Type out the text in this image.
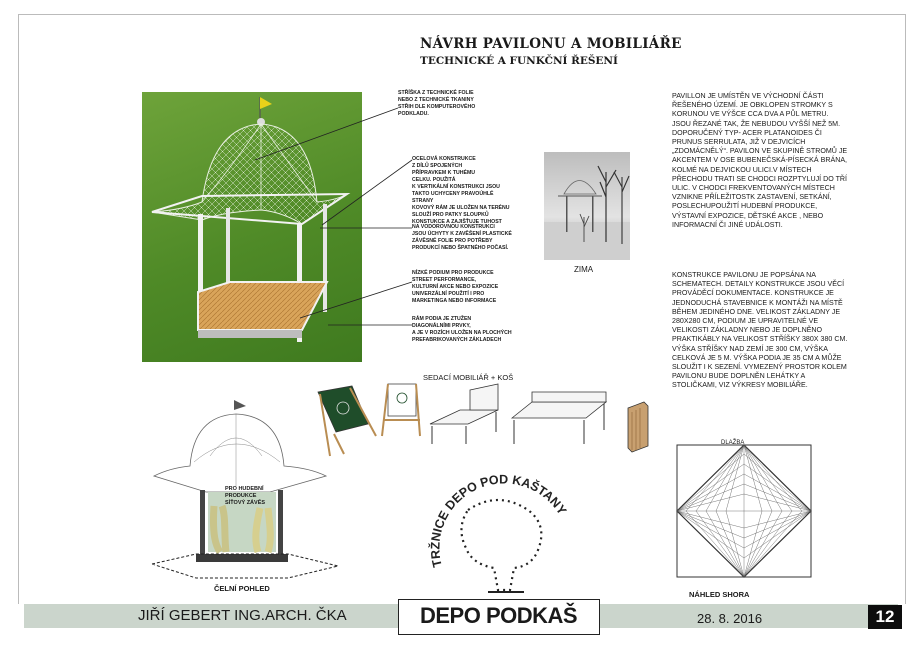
NÁVRH PAVILONU A MOBILIÁŘE
TECHNICKÉ A FUNKČNÍ ŘEŠENÍ
STŘÍŠKA Z TECHNICKÉ FOLIE
NEBO Z TECHNICKÉ TKANINY
STŘIH DLE KOMPUTEROVÉHO
PODKLADU.
OCELOVÁ KONSTRUKCE
Z DÍLŮ SPOJENÝCH
PŘÍPRAVKEM K TUHÉMU
CELKU. POUŽITÁ
K VERTIKÁLNÍ KONSTRUKCI JSOU
TAKTO UCHYCENY PRAVOÚHLÉ
STRANY
KOVOVÝ RÁM JE ULOŽEN NA TERÉNU
SLOUŽÍ PRO PATKY SLOUPKŮ
KONSTUKCE A ZAJIŠŤUJE TUHOST
NA VODOROVNOU KONSTRUKCI
JSOU ÚCHYTY K ZAVĚŠENÍ PLASTICKÉ
ZÁVĚSNÉ FOLIE PRO POTŘEBY
PRODUKCÍ NEBO ŠPATNÉHO POČASÍ.
NÍZKÉ PODIUM PRO PRODUKCE
STREET PERFORMANCE,
KULTURNÍ AKCE NEBO EXPOZICE
UNIVERZÁLNÍ POUŽITÍ I PRO
MARKETINGA NEBO INFORMACE
RÁM PODIA JE ZTUŽEN
DIAGONÁLNÍMI PRVKY,
A JE V ROZÍCH ULOŽEN NA PLOCHÝCH
PREFABRIKOVANÝCH ZÁKLADECH
ZIMA
PAVILLON JE UMÍSTĚN VE VÝCHODNÍ ČÁSTI ŘEŠENÉHO ÚZEMÍ. JE OBKLOPEN STROMKY S KORUNOU VE VÝŠCE CCA DVA A PŮL METRU. JSOU ŘEZANÉ TAK, ŽE NEBUDOU VYŠŠÍ NEŽ 5M. DOPORUČENÝ TYP- ACER PLATANOIDES ČI PRUNUS SERRULATA, JIŽ V DEJVICÍCH „ZDOMÁCNĚLÝ“. PAVILON VE SKUPINĚ STROMŮ JE AKCENTEM V OSE BUBENEČSKÁ-PÍSECKÁ BRÁNA, KOLMÉ NA DEJVICKOU ULICI.V MÍSTECH PŘECHODU TRATI SE CHODCI ROZPTYLUJÍ DO TŘÍ ULIC. V CHODCI FREKVENTOVANÝCH MÍSTECH VZNIKNE PŘÍLEŽITOSTK ZASTAVENÍ, SETKÁNÍ, POSLECHUPOUŽITÍ HUDEBNÍ PRODUKCE, VÝSTAVNÍ EXPOZICE, DĚTSKÉ AKCE , NEBO INFORMACNÍ ČI JINÉ UDÁLOSTI.
KONSTRUKCE PAVILONU JE POPSÁNA NA SCHEMATECH. DETAILY KONSTRUKCE JSOU VĚCÍ PROVÁDĚCÍ DOKUMENTACE. KONSTRUKCE JE JEDNODUCHÁ STAVEBNICE K MONTÁŽI NA MÍSTĚ BĚHEM JEDINÉHO DNE. VELIKOST ZÁKLADNY JE 280X280 CM, PODIUM JE UPRAVITELNÉ VE VELIKOSTI ZÁKLADNY NEBO JE DOPLNĚNO PRAKTIKÁBLY NA VELIKOST STŘÍŠKY 380X 380 CM. VÝŠKA STŘÍŠKY NAD ZEMÍ JE 300 CM, VÝŠKA CELKOVÁ JE 5 M. VÝŠKA PODIA JE 35 CM A MŮŽE SLOUŽIT I K SEZENÍ. VYMEZENÝ PROSTOR KOLEM PAVILONU BUDE DOPLNĚN LEHÁTKY A STOLIČKAMI, VIZ VÝKRESY MOBILIÁŘE.
SEDACÍ MOBILIÁŘ + KOŠ
PRO HUDEBNÍ
PRODUKCE
SÍŤOVÝ ZÁVĚS
ČELNÍ POHLED
TRŽNICE DEPO POD KAŠTANY
DLAŽBA
NÁHLED SHORA
JIŘÍ GEBERT ING.ARCH. ČKA	28. 8. 2016
DEPO PODKAŠ	12
